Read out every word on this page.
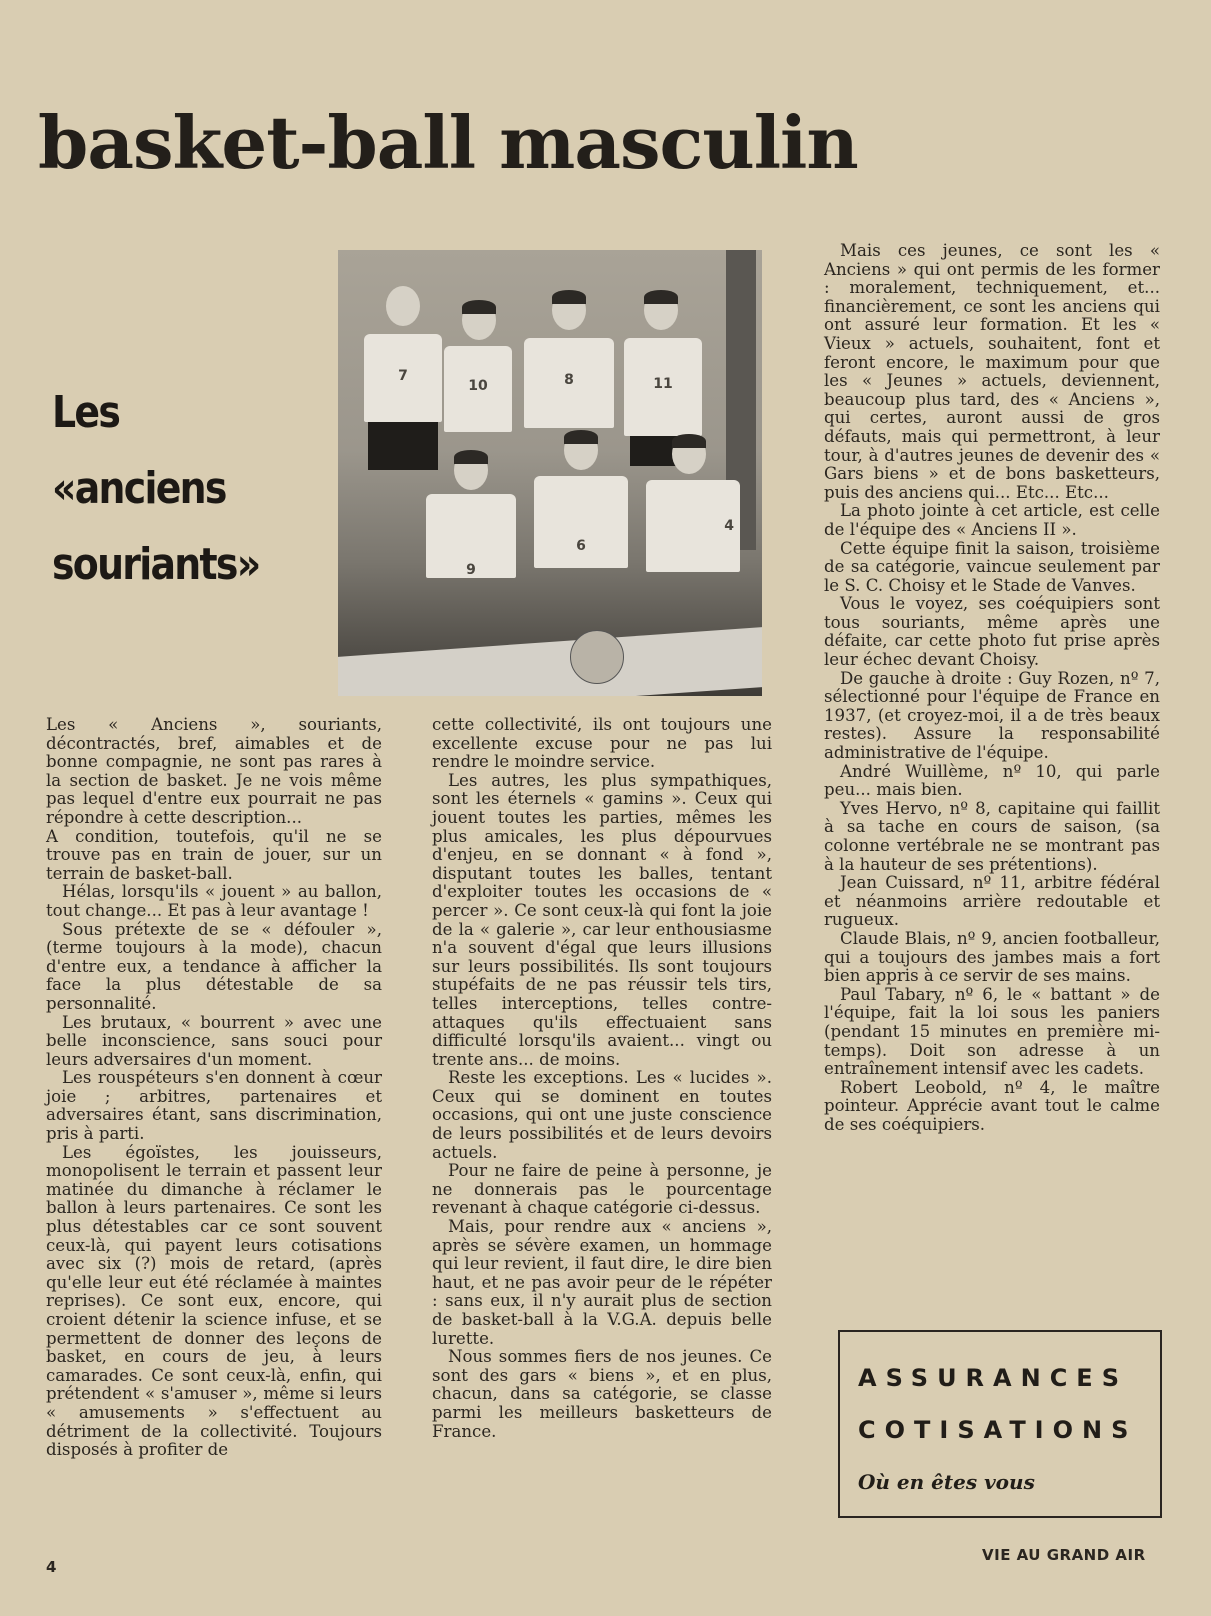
basket-ball masculin
Les
«anciens
souriants»
7
10	8	11
9
6
4

Les « Anciens », souriants, décontractés, bref, aimables et de bonne compagnie, ne sont pas rares à la section de basket. Je ne vois même pas lequel d'entre eux pourrait ne pas répondre à cette description...

A condition, toutefois, qu'il ne se trouve pas en train de jouer, sur un terrain de basket-ball.

Hélas, lorsqu'ils « jouent » au ballon, tout change... Et pas à leur avantage !

Sous prétexte de se « défouler », (terme toujours à la mode), chacun d'entre eux, a tendance à afficher la face la plus détestable de sa personnalité.

Les brutaux, « bourrent » avec une belle inconscience, sans souci pour leurs adversaires d'un moment.

Les rouspéteurs s'en donnent à cœur joie ; arbitres, partenaires et adversaires étant, sans discrimination, pris à parti.

Les égoïstes, les jouisseurs, monopolisent le terrain et passent leur matinée du dimanche à réclamer le ballon à leurs partenaires. Ce sont les plus détestables car ce sont souvent ceux-là, qui payent leurs cotisations avec six (?) mois de retard, (après qu'elle leur eut été réclamée à maintes reprises). Ce sont eux, encore, qui croient détenir la science infuse, et se permettent de donner des leçons de basket, en cours de jeu, à leurs camarades. Ce sont ceux-là, enfin, qui prétendent « s'amuser », même si leurs « amusements » s'effectuent au détriment de la collectivité. Toujours disposés à profiter de

cette collectivité, ils ont toujours une excellente excuse pour ne pas lui rendre le moindre service.

Les autres, les plus sympathiques, sont les éternels « gamins ». Ceux qui jouent toutes les parties, mêmes les plus amicales, les plus dépourvues d'enjeu, en se donnant « à fond », disputant toutes les balles, tentant d'exploiter toutes les occasions de « percer ». Ce sont ceux-là qui font la joie de la « galerie », car leur enthousiasme n'a souvent d'égal que leurs illusions sur leurs possibilités. Ils sont toujours stupéfaits de ne pas réussir tels tirs, telles interceptions, telles contre-attaques qu'ils effectuaient sans difficulté lorsqu'ils avaient... vingt ou trente ans... de moins.

Reste les exceptions. Les « lucides ». Ceux qui se dominent en toutes occasions, qui ont une juste conscience de leurs possibilités et de leurs devoirs actuels.

Pour ne faire de peine à personne, je ne donnerais pas le pourcentage revenant à chaque catégorie ci-dessus.

Mais, pour rendre aux « anciens », après se sévère examen, un hommage qui leur revient, il faut dire, le dire bien haut, et ne pas avoir peur de le répéter : sans eux, il n'y aurait plus de section de basket-ball à la V.G.A. depuis belle lurette.

Nous sommes fiers de nos jeunes. Ce sont des gars « biens », et en plus, chacun, dans sa catégorie, se classe parmi les meilleurs basketteurs de France.

Mais ces jeunes, ce sont les « Anciens » qui ont permis de les former : moralement, techniquement, et... financièrement, ce sont les anciens qui ont assuré leur formation. Et les « Vieux » actuels, souhaitent, font et feront encore, le maximum pour que les « Jeunes » actuels, deviennent, beaucoup plus tard, des « Anciens », qui certes, auront aussi de gros défauts, mais qui permettront, à leur tour, à d'autres jeunes de devenir des « Gars biens » et de bons basketteurs, puis des anciens qui... Etc... Etc...

La photo jointe à cet article, est celle de l'équipe des « Anciens II ».

Cette équipe finit la saison, troisième de sa catégorie, vaincue seulement par le S. C. Choisy et le Stade de Vanves.

Vous le voyez, ses coéquipiers sont tous souriants, même après une défaite, car cette photo fut prise après leur échec devant Choisy.

De gauche à droite : Guy Rozen, nº 7, sélectionné pour l'équipe de France en 1937, (et croyez-moi, il a de très beaux restes). Assure la responsabilité administrative de l'équipe.

André Wuillème, nº 10, qui parle peu... mais bien.

Yves Hervo, nº 8, capitaine qui faillit à sa tache en cours de saison, (sa colonne vertébrale ne se montrant pas à la hauteur de ses prétentions).

Jean Cuissard, nº 11, arbitre fédéral et néanmoins arrière redoutable et rugueux.

Claude Blais, nº 9, ancien footballeur, qui a toujours des jambes mais a fort bien appris à ce servir de ses mains.

Paul Tabary, nº 6, le « battant » de l'équipe, fait la loi sous les paniers (pendant 15 minutes en première mi-temps). Doit son adresse à un entraînement intensif avec les cadets.

Robert Leobold, nº 4, le maître pointeur. Apprécie avant tout le calme de ses coéquipiers.

ASSURANCES
COTISATIONS
Où en êtes vous
4
VIE AU GRAND AIR
